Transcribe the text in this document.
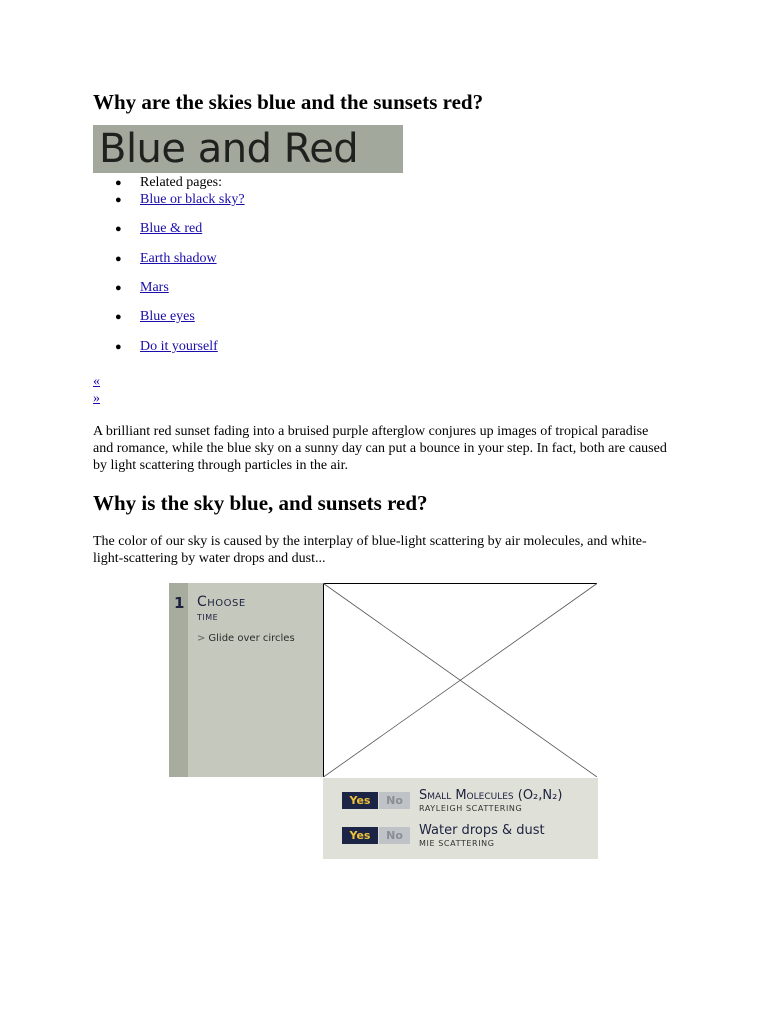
Why are the skies blue and the sunsets red?
Blue and Red
● Related pages:
● Blue or black sky?
● Blue & red
● Earth shadow
● Mars
● Blue eyes
● Do it yourself
«
»

A brilliant red sunset fading into a bruised purple afterglow conjures up images of tropical paradise and romance, while the blue sky on a sunny day can put a bounce in your step. In fact, both are caused by light scattering through particles in the air.

Why is the sky blue, and sunsets red?

The color of our sky is caused by the interplay of blue-light scattering by air molecules, and white-light-scattering by water drops and dust...

1 Choose
time
> Glide over circles
Yes	No	Small Molecules (O₂,N₂)
RAYLEIGH SCATTERING
Yes	No	Water drops & dust
MIE SCATTERING
